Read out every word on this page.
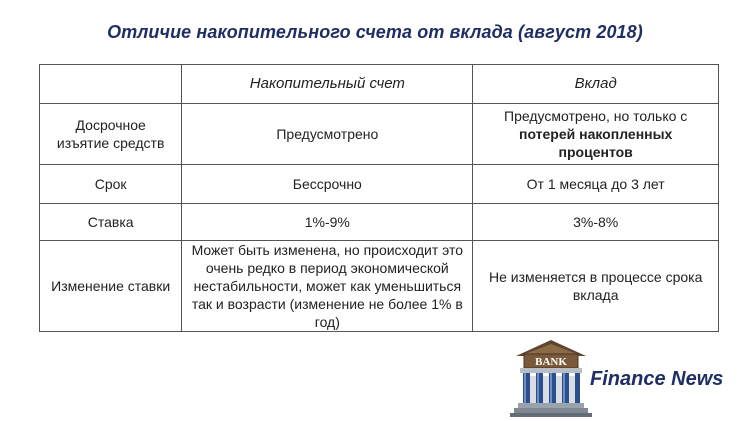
Отличие накопительного счета от вклада (август 2018)
	Накопительный счет	Вклад
Досрочное изъятие средств	Предусмотрено	Предусмотрено, но только с потерей накопленных процентов
Срок	Бессрочно	От 1 месяца до 3 лет
Ставка	1%-9%	3%-8%
Изменение ставки	Может быть изменена, но происходит это очень редко в период экономической нестабильности, может как уменьшиться так и возрасти (изменение не более 1% в год)	Не изменяется в процессе срока вклада
BANK
Finance News
